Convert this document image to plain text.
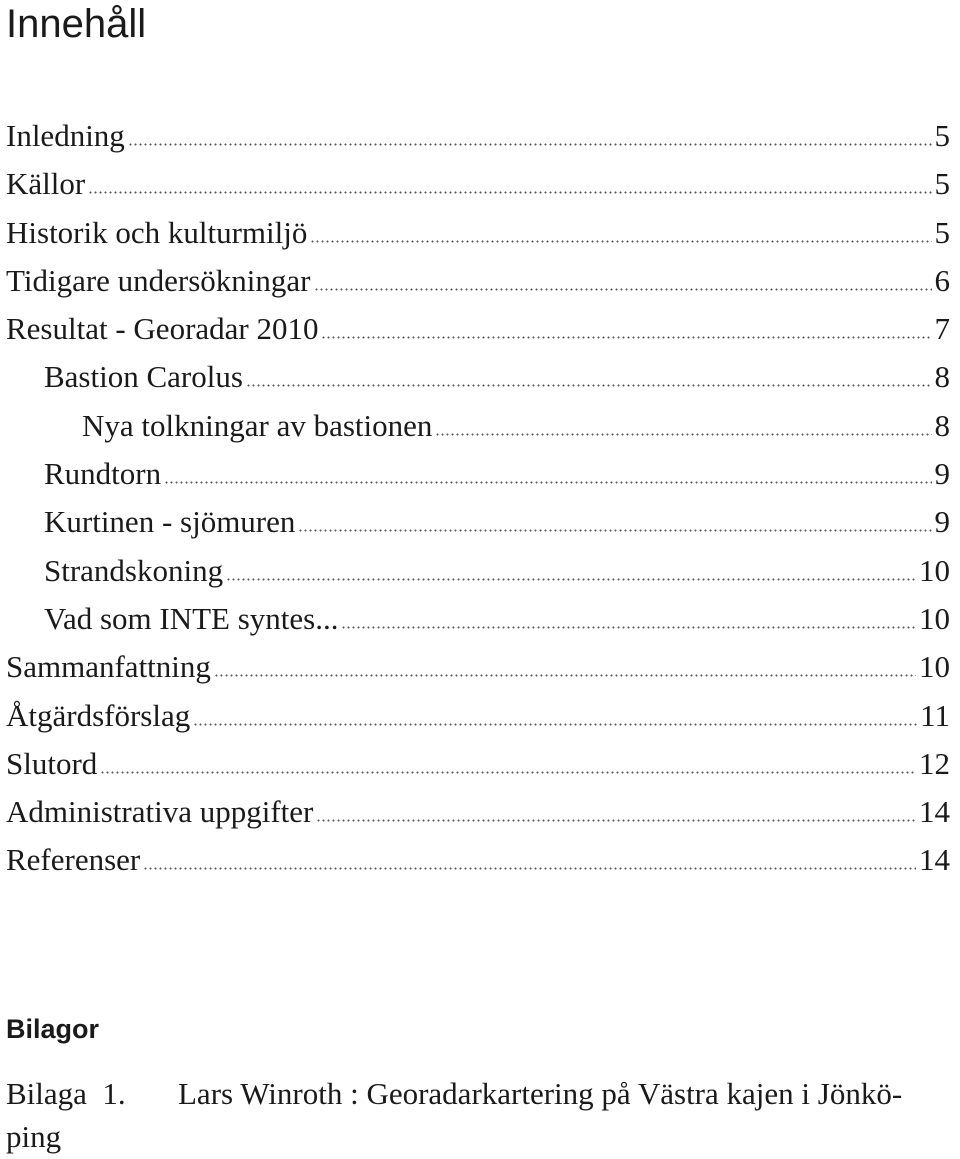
Innehåll
Inledning	5
Källor	5
Historik och kulturmiljö	5
Tidigare undersökningar	6
Resultat - Georadar 2010	7
Bastion Carolus	8
Nya tolkningar av bastionen	8
Rundtorn	9
Kurtinen - sjömuren	9
Strandskoning	10
Vad som INTE syntes...	10
Sammanfattning	10
Åtgärdsförslag	11
Slutord	12
Administrativa uppgifter	14
Referenser	14
Bilagor
Bilaga  1.	Lars Winroth : Georadarkartering på Västra kajen i Jönkö-
ping
